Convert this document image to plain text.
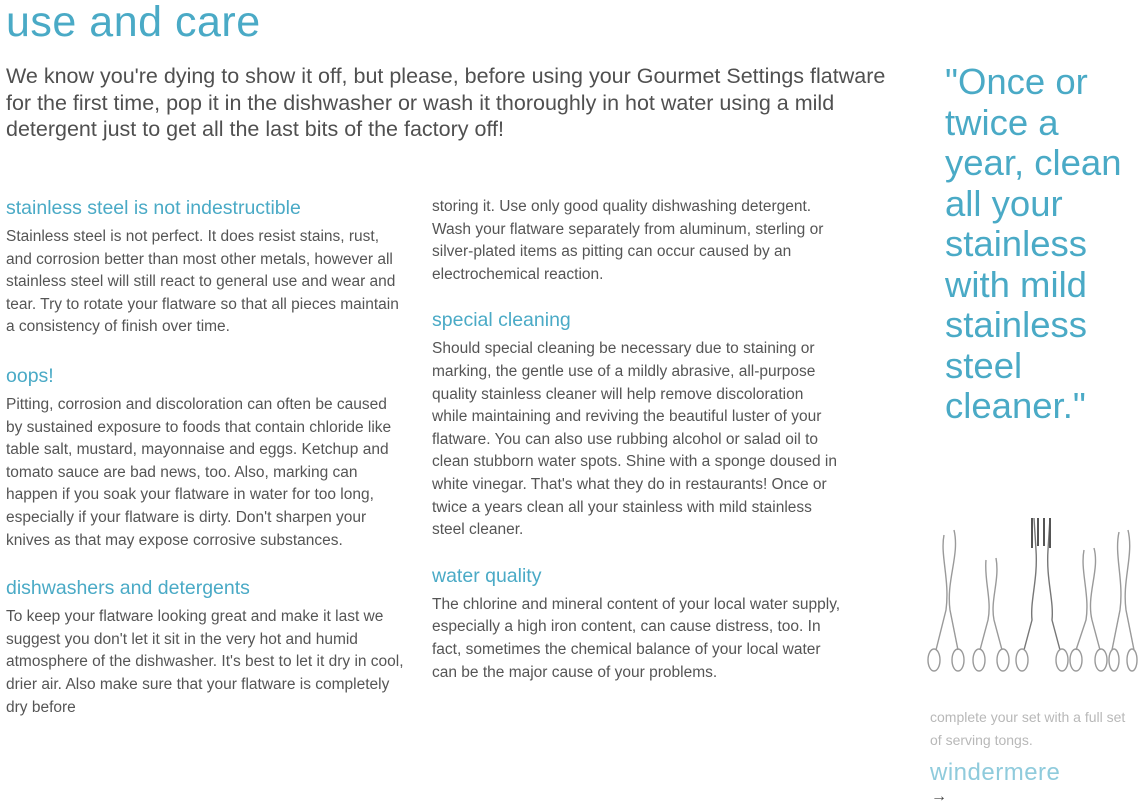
use and care

We know you're dying to show it off, but please, before using your Gourmet Settings flatware for the first time, pop it in the dishwasher or wash it thoroughly in hot water using a mild detergent just to get all the last bits of the factory off!

stainless steel is not indestructible

Stainless steel is not perfect. It does resist stains, rust, and corrosion better than most other metals, however all stainless steel will still react to general use and wear and tear. Try to rotate your flatware so that all pieces maintain a consistency of finish over time.

oops!

Pitting, corrosion and discoloration can often be caused by sustained exposure to foods that contain chloride like table salt, mustard, mayonnaise and eggs. Ketchup and tomato sauce are bad news, too. Also, marking can happen if you soak your flatware in water for too long, especially if your flatware is dirty. Don't sharpen your knives as that may expose corrosive substances.

dishwashers and detergents

To keep your flatware looking great and make it last we suggest you don't let it sit in the very hot and humid atmosphere of the dishwasher. It's best to let it dry in cool, drier air. Also make sure that your flatware is completely dry before

storing it. Use only good quality dishwashing detergent. Wash your flatware separately from aluminum, sterling or silver-plated items as pitting can occur caused by an electrochemical reaction.

special cleaning

Should special cleaning be necessary due to staining or marking, the gentle use of a mildly abrasive, all-purpose quality stainless cleaner will help remove discoloration while maintaining and reviving the beautiful luster of your flatware. You can also use rubbing alcohol or salad oil to clean stubborn water spots. Shine with a sponge doused in white vinegar. That's what they do in restaurants! Once or twice a years clean all your stainless with mild stainless steel cleaner.

water quality

The chlorine and mineral content of your local water supply, especially a high iron content, can cause distress, too. In fact, sometimes the chemical balance of your local water can be the major cause of your problems.

"Once or twice a year, clean all your stainless with mild stainless steel cleaner."

complete your set with a full set of serving tongs.

windermere

→
